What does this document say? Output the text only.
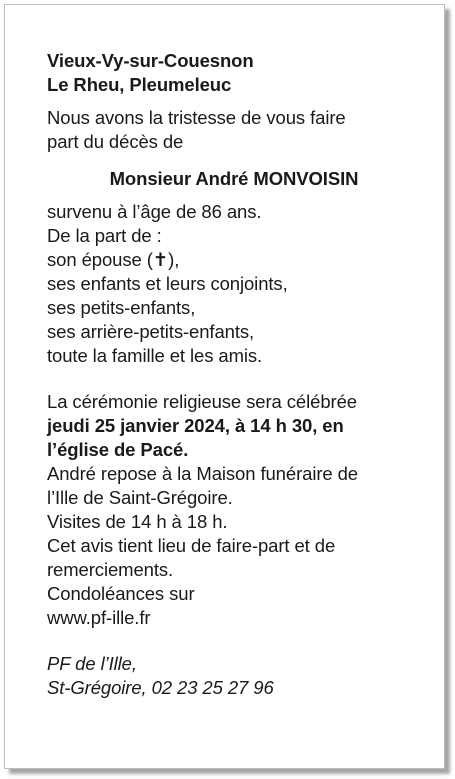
Vieux-Vy-sur-Couesnon
Le Rheu, Pleumeleuc
Nous avons la tristesse de vous faire
part du décès de
Monsieur André MONVOISIN
survenu à l’âge de 86 ans.
De la part de :
son épouse (✝),
ses enfants et leurs conjoints,
ses petits-enfants,
ses arrière-petits-enfants,
toute la famille et les amis.
La cérémonie religieuse sera célébrée
jeudi 25 janvier 2024, à 14 h 30, en
l’église de Pacé.
André repose à la Maison funéraire de
l’Ille de Saint-Grégoire.
Visites de 14 h à 18 h.
Cet avis tient lieu de faire-part et de
remerciements.
Condoléances sur
www.pf-ille.fr
PF de l’Ille,
St-Grégoire, 02 23 25 27 96
